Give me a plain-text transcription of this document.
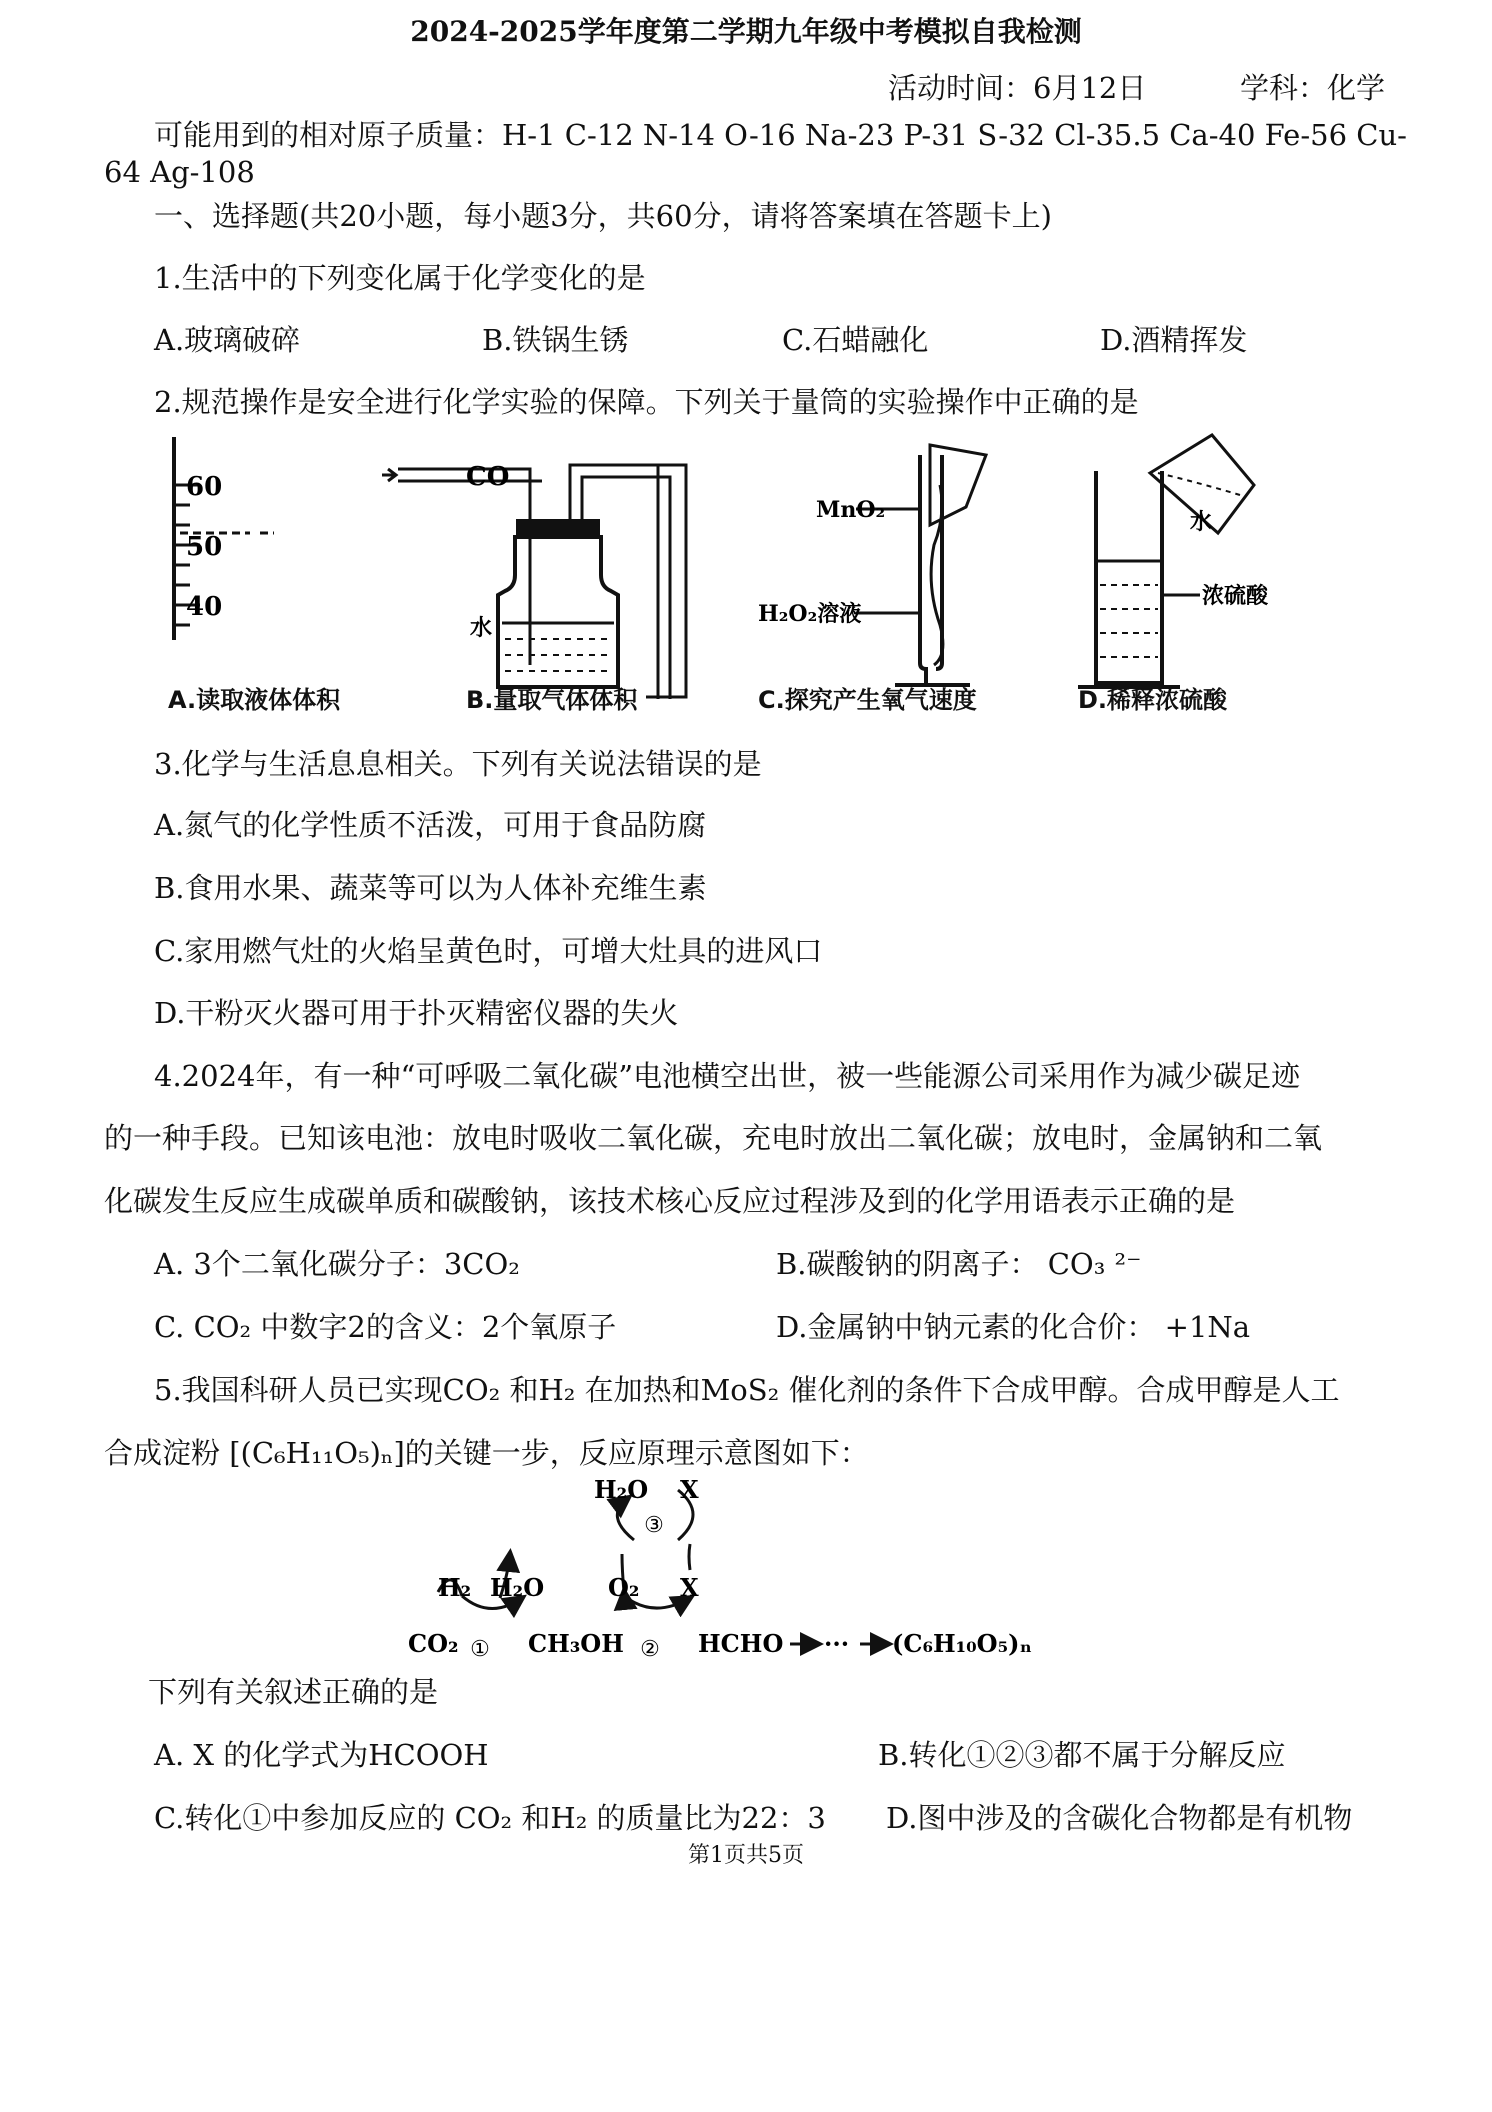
2024-2025学年度第二学期九年级中考模拟自我检测
活动时间：6月12日	学科：化学
可能用到的相对原子质量：H-1 C-12 N-14 O-16 Na-23 P-31 S-32 Cl-35.5 Ca-40 Fe-56 Cu-
64 Ag-108
一、选择题(共20小题，每小题3分，共60分，请将答案填在答题卡上)
1.生活中的下列变化属于化学变化的是
A.玻璃破碎	B.铁锅生锈	C.石蜡融化	D.酒精挥发
2.规范操作是安全进行化学实验的保障。下列关于量筒的实验操作中正确的是
60
50
40
水
CO
MnO₂
H₂O₂溶液
水
浓硫酸
A.读取液体体积	B.量取气体体积	C.探究产生氧气速度	D.稀释浓硫酸
3.化学与生活息息相关。下列有关说法错误的是
A.氮气的化学性质不活泼，可用于食品防腐
B.食用水果、蔬菜等可以为人体补充维生素
C.家用燃气灶的火焰呈黄色时，可增大灶具的进风口
D.干粉灭火器可用于扑灭精密仪器的失火
4.2024年，有一种“可呼吸二氧化碳”电池横空出世，被一些能源公司采用作为减少碳足迹
的一种手段。已知该电池：放电时吸收二氧化碳，充电时放出二氧化碳；放电时，金属钠和二氧
化碳发生反应生成碳单质和碳酸钠，该技术核心反应过程涉及到的化学用语表示正确的是
A. 3个二氧化碳分子：3CO₂	B.碳酸钠的阴离子： CO₃ ²⁻
C. CO₂ 中数字2的含义：2个氧原子	D.金属钠中钠元素的化合价： +1Na
5.我国科研人员已实现CO₂ 和H₂ 在加热和MoS₂ 催化剂的条件下合成甲醇。合成甲醇是人工
合成淀粉 [(C₆H₁₁O₅)ₙ]的关键一步，反应原理示意图如下：
①	②
③
CO₂	CH₃OH	HCHO ··· (C₆H₁₀O₅)ₙ
H₂ H₂O	O₂ X
H₂O X
下列有关叙述正确的是
A. X 的化学式为HCOOH	B.转化①②③都不属于分解反应
C.转化①中参加反应的 CO₂ 和H₂ 的质量比为22：3 D.图中涉及的含碳化合物都是有机物
第1页共5页
